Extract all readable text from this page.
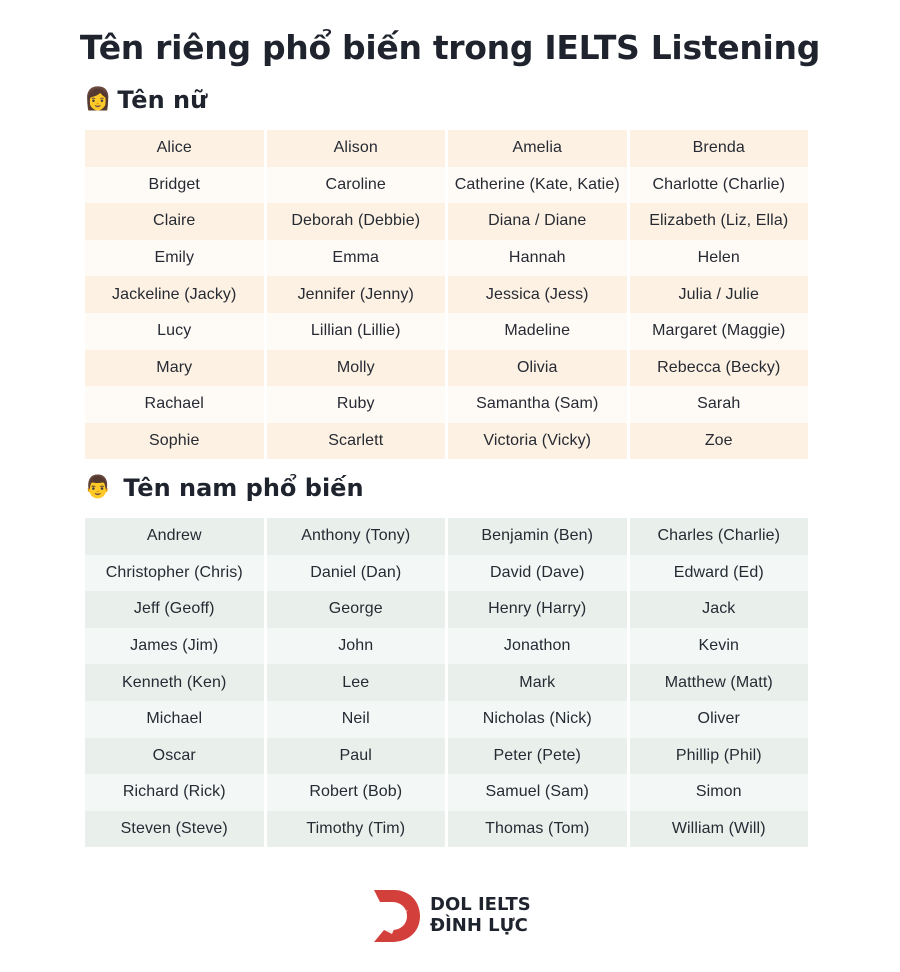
Tên riêng phổ biến trong IELTS Listening
👩 Tên nữ
Alice	Alison	Amelia	Brenda
Bridget	Caroline	Catherine (Kate, Katie)	Charlotte (Charlie)
Claire	Deborah (Debbie)	Diana / Diane	Elizabeth (Liz, Ella)
Emily	Emma	Hannah	Helen
Jackeline (Jacky)	Jennifer (Jenny)	Jessica (Jess)	Julia / Julie
Lucy	Lillian (Lillie)	Madeline	Margaret (Maggie)
Mary	Molly	Olivia	Rebecca (Becky)
Rachael	Ruby	Samantha (Sam)	Sarah
Sophie	Scarlett	Victoria (Vicky)	Zoe
👨 Tên nam phổ biến
Andrew	Anthony (Tony)	Benjamin (Ben)	Charles (Charlie)
Christopher (Chris)	Daniel (Dan)	David (Dave)	Edward (Ed)
Jeff (Geoff)	George	Henry (Harry)	Jack
James (Jim)	John	Jonathon	Kevin
Kenneth (Ken)	Lee	Mark	Matthew (Matt)
Michael	Neil	Nicholas (Nick)	Oliver
Oscar	Paul	Peter (Pete)	Phillip (Phil)
Richard (Rick)	Robert (Bob)	Samuel (Sam)	Simon
Steven (Steve)	Timothy (Tim)	Thomas (Tom)	William (Will)
DOL IELTS
ĐÌNH LỰC
